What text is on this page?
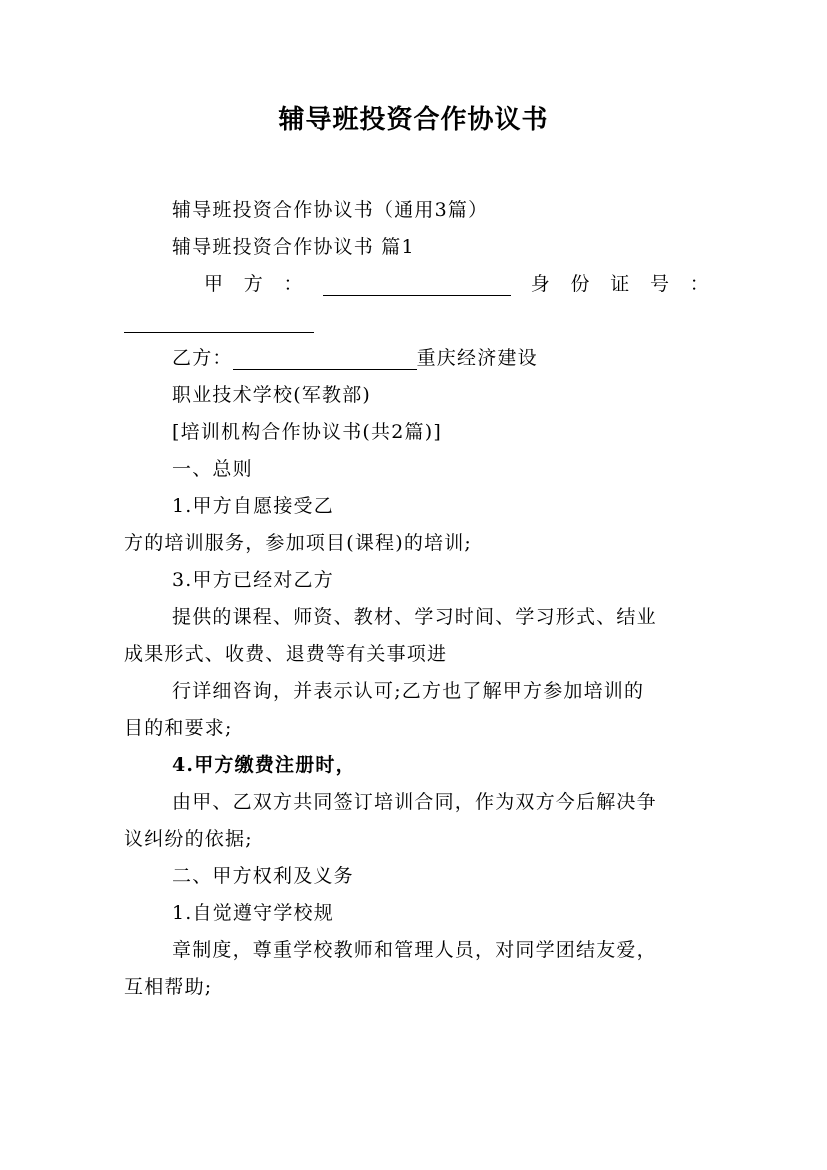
辅导班投资合作协议书
辅导班投资合作协议书（通用3篇）
辅导班投资合作协议书 篇1
甲 方 ：	身 份 证 号 ：
乙方：	重庆经济建设
职业技术学校(军教部)
[培训机构合作协议书(共2篇)]
一、总则
1.甲方自愿接受乙
方的培训服务，参加项目(课程)的培训;
3.甲方已经对乙方
提供的课程、师资、教材、学习时间、学习形式、结业
成果形式、收费、退费等有关事项进
行详细咨询，并表示认可;乙方也了解甲方参加培训的
目的和要求;
4.甲方缴费注册时，
由甲、乙双方共同签订培训合同，作为双方今后解决争
议纠纷的依据;
二、甲方权利及义务
1.自觉遵守学校规
章制度，尊重学校教师和管理人员，对同学团结友爱，
互相帮助;
